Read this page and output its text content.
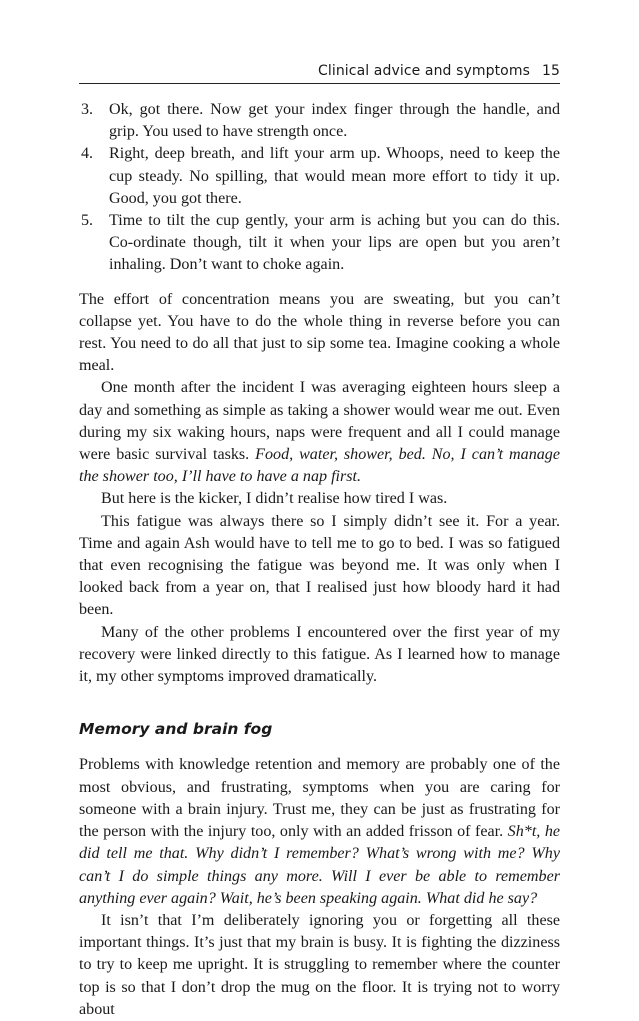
Clinical advice and symptoms 15
3. Ok, got there. Now get your index finger through the handle, and grip. You used to have strength once.
4. Right, deep breath, and lift your arm up. Whoops, need to keep the cup steady. No spilling, that would mean more effort to tidy it up. Good, you got there.
5. Time to tilt the cup gently, your arm is aching but you can do this. Co-ordinate though, tilt it when your lips are open but you aren’t inhaling. Don’t want to choke again.

The effort of concentration means you are sweating, but you can’t collapse yet. You have to do the whole thing in reverse before you can rest. You need to do all that just to sip some tea. Imagine cooking a whole meal.

One month after the incident I was averaging eighteen hours sleep a day and something as simple as taking a shower would wear me out. Even during my six waking hours, naps were frequent and all I could manage were basic survival tasks. Food, water, shower, bed. No, I can’t manage the shower too, I’ll have to have a nap first.

But here is the kicker, I didn’t realise how tired I was.

This fatigue was always there so I simply didn’t see it. For a year. Time and again Ash would have to tell me to go to bed. I was so fatigued that even recognising the fatigue was beyond me. It was only when I looked back from a year on, that I realised just how bloody hard it had been.

Many of the other problems I encountered over the first year of my recovery were linked directly to this fatigue. As I learned how to manage it, my other symptoms improved dramatically.

Memory and brain fog

Problems with knowledge retention and memory are probably one of the most obvious, and frustrating, symptoms when you are caring for someone with a brain injury. Trust me, they can be just as frustrating for the person with the injury too, only with an added frisson of fear. Sh*t, he did tell me that. Why didn’t I remember? What’s wrong with me? Why can’t I do simple things any more. Will I ever be able to remember anything ever again? Wait, he’s been speaking again. What did he say?

It isn’t that I’m deliberately ignoring you or forgetting all these important things. It’s just that my brain is busy. It is fighting the dizziness to try to keep me upright. It is struggling to remember where the counter top is so that I don’t drop the mug on the floor. It is trying not to worry about
